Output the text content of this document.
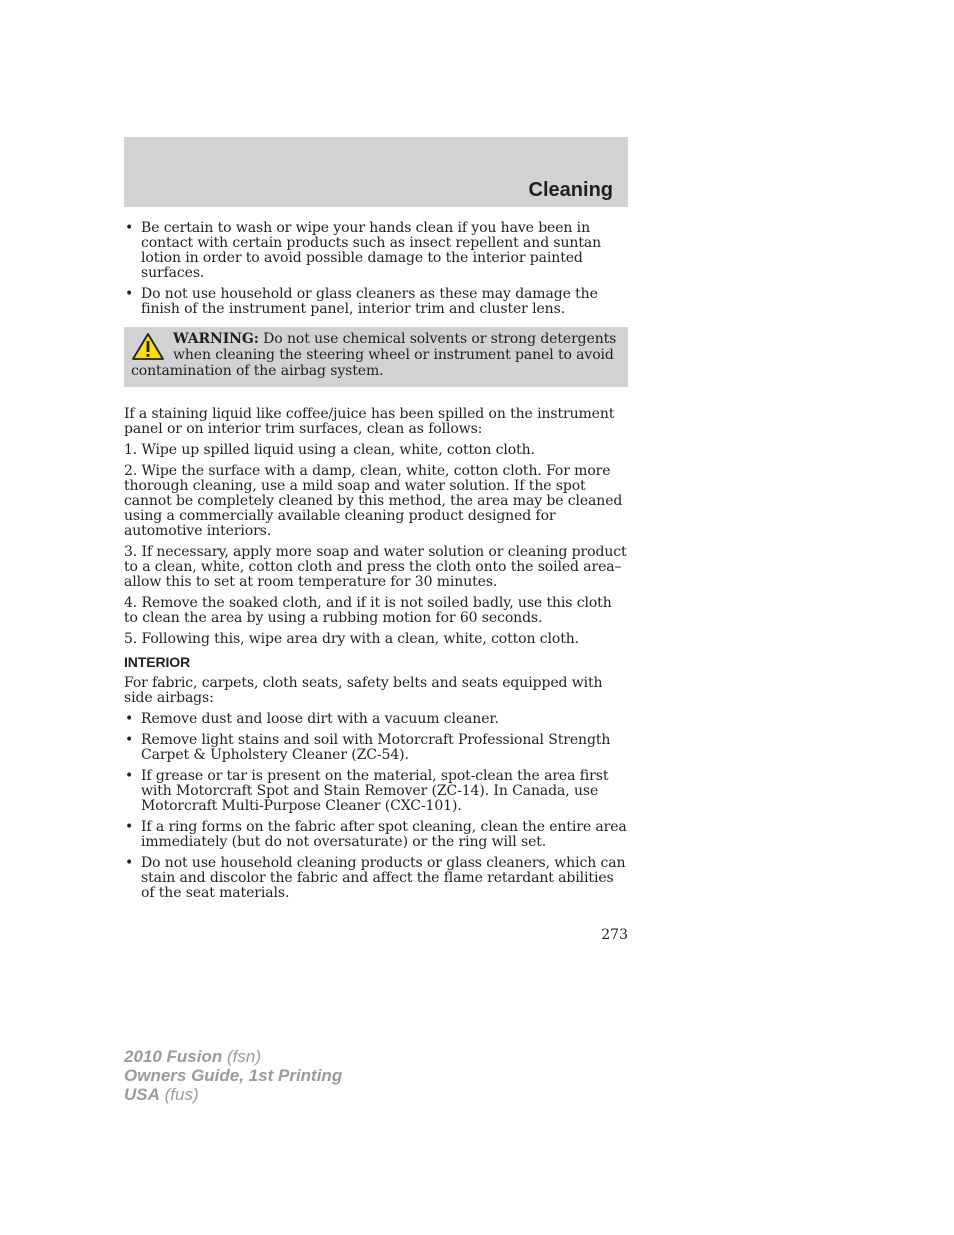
Cleaning
• Be certain to wash or wipe your hands clean if you have been in contact with certain products such as insect repellent and suntan lotion in order to avoid possible damage to the interior painted surfaces.
• Do not use household or glass cleaners as these may damage the finish of the instrument panel, interior trim and cluster lens.
WARNING: Do not use chemical solvents or strong detergents when cleaning the steering wheel or instrument panel to avoid contamination of the airbag system.

If a staining liquid like coffee/juice has been spilled on the instrument panel or on interior trim surfaces, clean as follows:

1. Wipe up spilled liquid using a clean, white, cotton cloth.

2. Wipe the surface with a damp, clean, white, cotton cloth. For more thorough cleaning, use a mild soap and water solution. If the spot cannot be completely cleaned by this method, the area may be cleaned using a commercially available cleaning product designed for automotive interiors.

3. If necessary, apply more soap and water solution or cleaning product to a clean, white, cotton cloth and press the cloth onto the soiled area–allow this to set at room temperature for 30 minutes.

4. Remove the soaked cloth, and if it is not soiled badly, use this cloth to clean the area by using a rubbing motion for 60 seconds.

5. Following this, wipe area dry with a clean, white, cotton cloth.

INTERIOR

For fabric, carpets, cloth seats, safety belts and seats equipped with side airbags:

• Remove dust and loose dirt with a vacuum cleaner.
• Remove light stains and soil with Motorcraft Professional Strength Carpet & Upholstery Cleaner (ZC-54).
• If grease or tar is present on the material, spot-clean the area first with Motorcraft Spot and Stain Remover (ZC-14). In Canada, use Motorcraft Multi-Purpose Cleaner (CXC-101).
• If a ring forms on the fabric after spot cleaning, clean the entire area immediately (but do not oversaturate) or the ring will set.
• Do not use household cleaning products or glass cleaners, which can stain and discolor the fabric and affect the flame retardant abilities of the seat materials.
273
2010 Fusion (fsn)
Owners Guide, 1st Printing
USA (fus)
